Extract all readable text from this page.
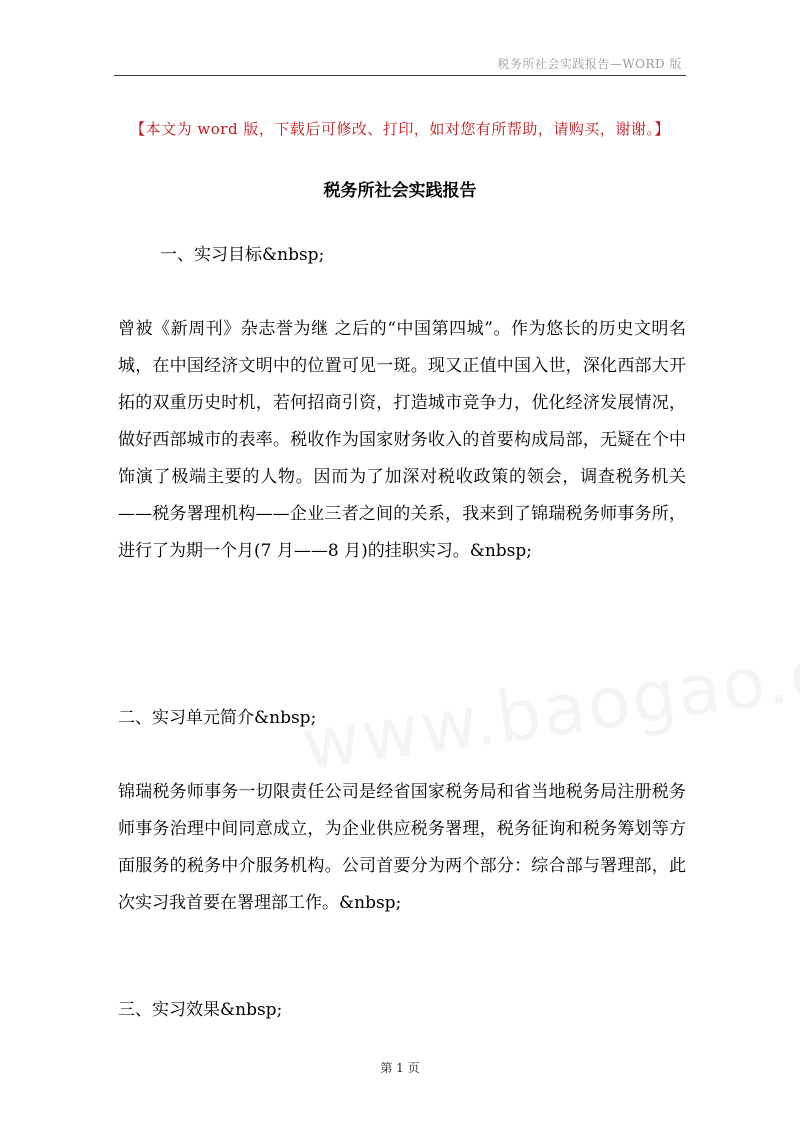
税务所社会实践报告—WORD 版
【本文为 word 版，下载后可修改、打印，如对您有所帮助，请购买，谢谢。】
税务所社会实践报告
一、实习目标&nbsp;
曾被《新周刊》杂志誉为继 之后的“中国第四城”。作为悠长的历史文明名城，在中国经济文明中的位置可见一斑。现又正值中国入世，深化西部大开拓的双重历史时机，若何招商引资，打造城市竞争力，优化经济发展情况，做好西部城市的表率。税收作为国家财务收入的首要构成局部，无疑在个中饰演了极端主要的人物。因而为了加深对税收政策的领会，调查税务机关——税务署理机构——企业三者之间的关系，我来到了锦瑞税务师事务所，进行了为期一个月(7 月——8 月)的挂职实习。&nbsp;
二、实习单元简介&nbsp;
锦瑞税务师事务一切限责任公司是经省国家税务局和省当地税务局注册税务师事务治理中间同意成立，为企业供应税务署理，税务征询和税务筹划等方面服务的税务中介服务机构。公司首要分为两个部分：综合部与署理部，此次实习我首要在署理部工作。&nbsp;
三、实习效果&nbsp;
第 1 页
